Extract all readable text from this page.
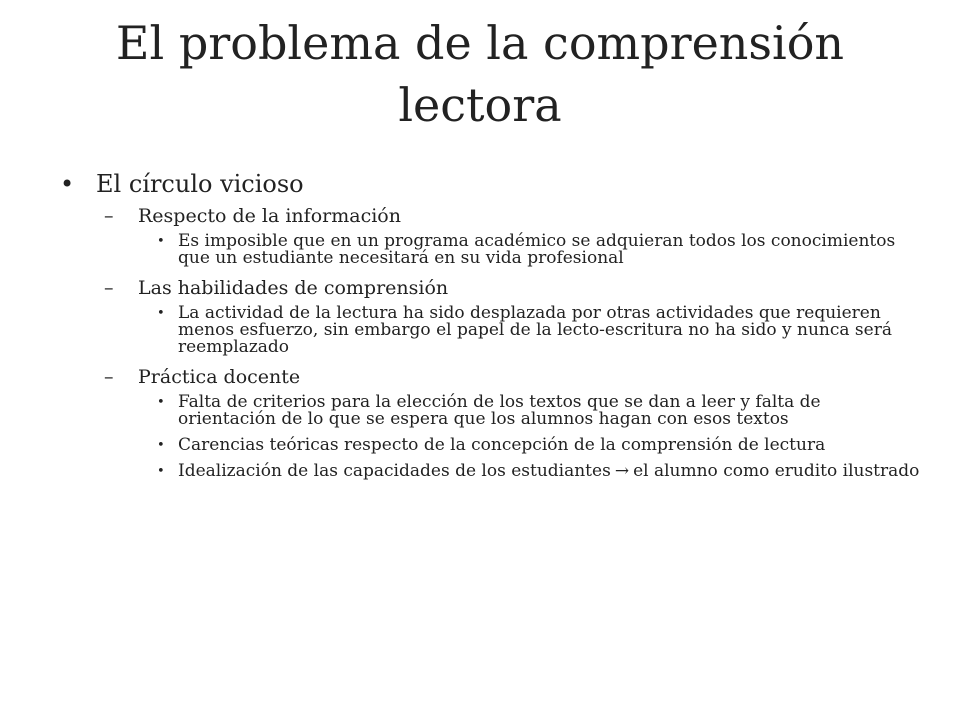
El problema de la comprensión lectora
• El círculo vicioso
– Respecto de la información
• Es imposible que en un programa académico se adquieran todos los conocimientos que un estudiante necesitará en su vida profesional
– Las habilidades de comprensión
• La actividad de la lectura ha sido desplazada por otras actividades que requieren menos esfuerzo, sin embargo el papel de la lecto-escritura no ha sido y nunca será reemplazado
– Práctica docente
• Falta de criterios para la elección de los textos que se dan a leer y falta de orientación de lo que se espera que los alumnos hagan con esos textos
• Carencias teóricas respecto de la concepción de la comprensión de lectura
• Idealización de las capacidades de los estudiantes → el alumno como erudito ilustrado
